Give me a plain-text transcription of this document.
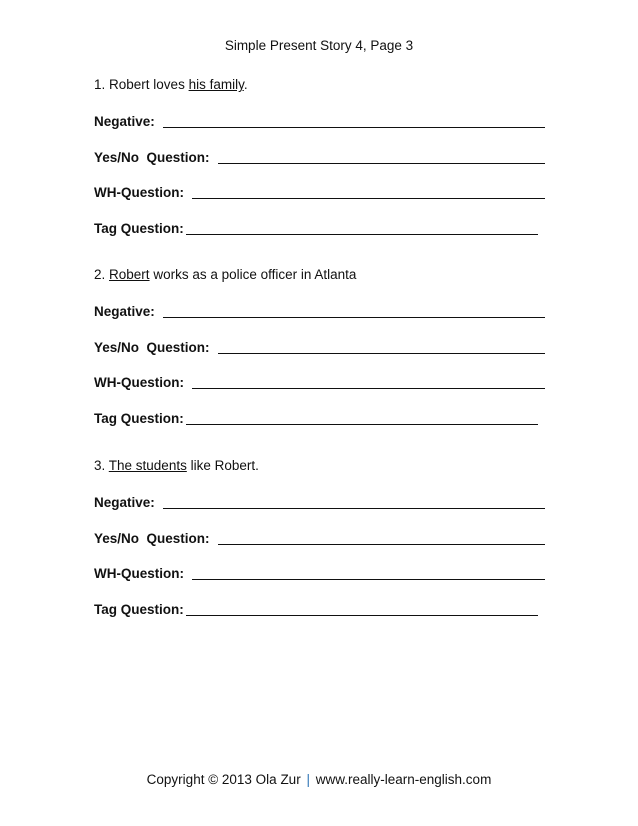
Simple Present Story 4, Page 3
1. Robert loves his family.
Negative:
Yes/No  Question:
WH-Question:
Tag Question:
2. Robert works as a police officer in Atlanta
Negative:
Yes/No  Question:
WH-Question:
Tag Question:
3. The students like Robert.
Negative:
Yes/No  Question:
WH-Question:
Tag Question:
Copyright © 2013 Ola Zur | www.really-learn-english.com
